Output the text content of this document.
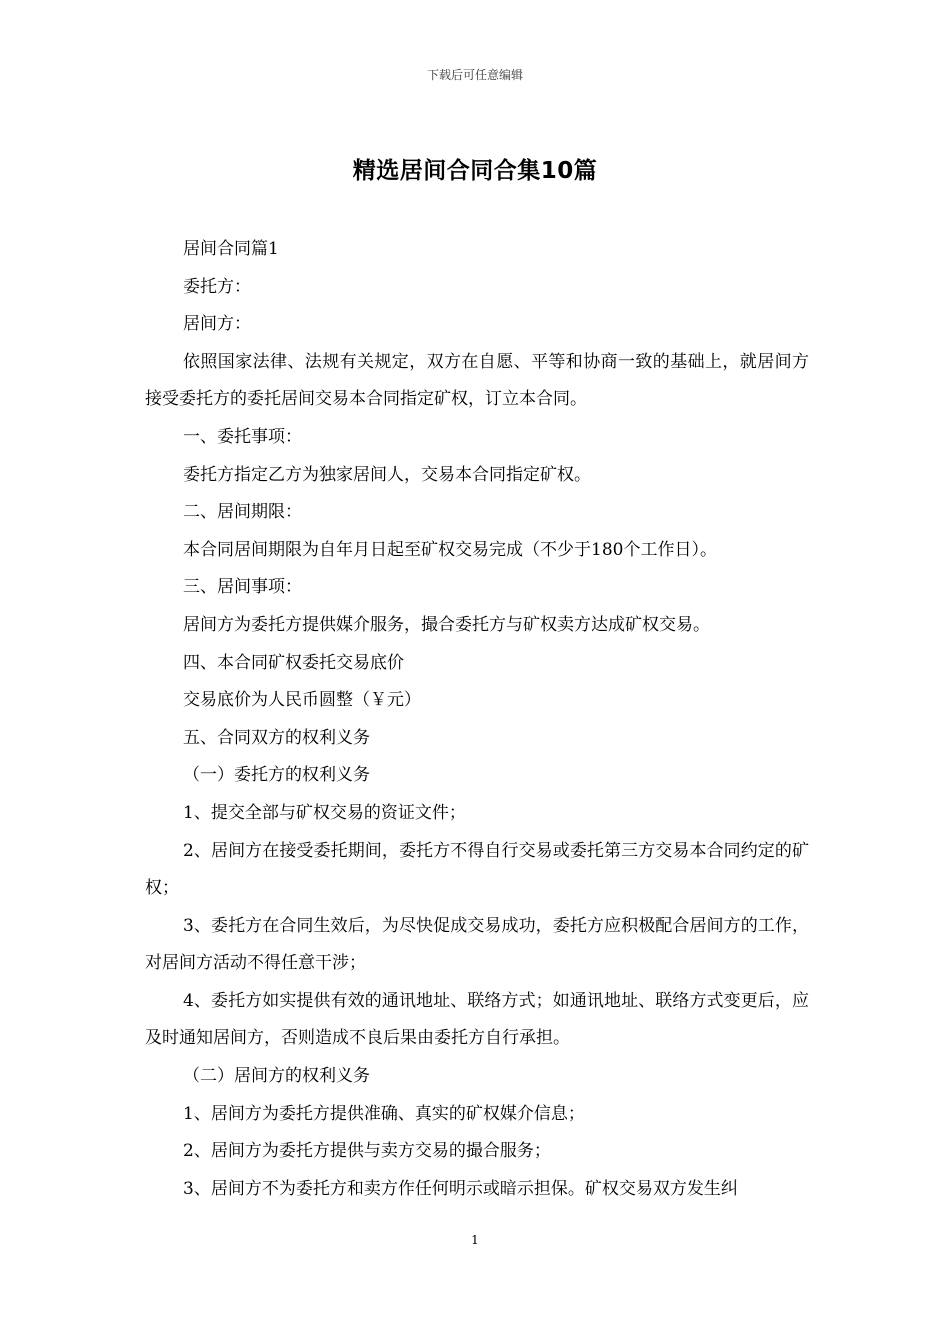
下载后可任意编辑
精选居间合同合集10篇

居间合同篇1

委托方：

居间方：

依照国家法律、法规有关规定，双方在自愿、平等和协商一致的基础上，就居间方接受委托方的委托居间交易本合同指定矿权，订立本合同。

一、委托事项：

委托方指定乙方为独家居间人，交易本合同指定矿权。

二、居间期限：

本合同居间期限为自年月日起至矿权交易完成（不少于180个工作日）。

三、居间事项：

居间方为委托方提供媒介服务，撮合委托方与矿权卖方达成矿权交易。

四、本合同矿权委托交易底价

交易底价为人民币圆整（￥元）

五、合同双方的权利义务

（一）委托方的权利义务

1、提交全部与矿权交易的资证文件；

2、居间方在接受委托期间，委托方不得自行交易或委托第三方交易本合同约定的矿权；

3、委托方在合同生效后，为尽快促成交易成功，委托方应积极配合居间方的工作，对居间方活动不得任意干涉；

4、委托方如实提供有效的通讯地址、联络方式；如通讯地址、联络方式变更后，应及时通知居间方，否则造成不良后果由委托方自行承担。

（二）居间方的权利义务

1、居间方为委托方提供准确、真实的矿权媒介信息；

2、居间方为委托方提供与卖方交易的撮合服务；

3、居间方不为委托方和卖方作任何明示或暗示担保。矿权交易双方发生纠

1
